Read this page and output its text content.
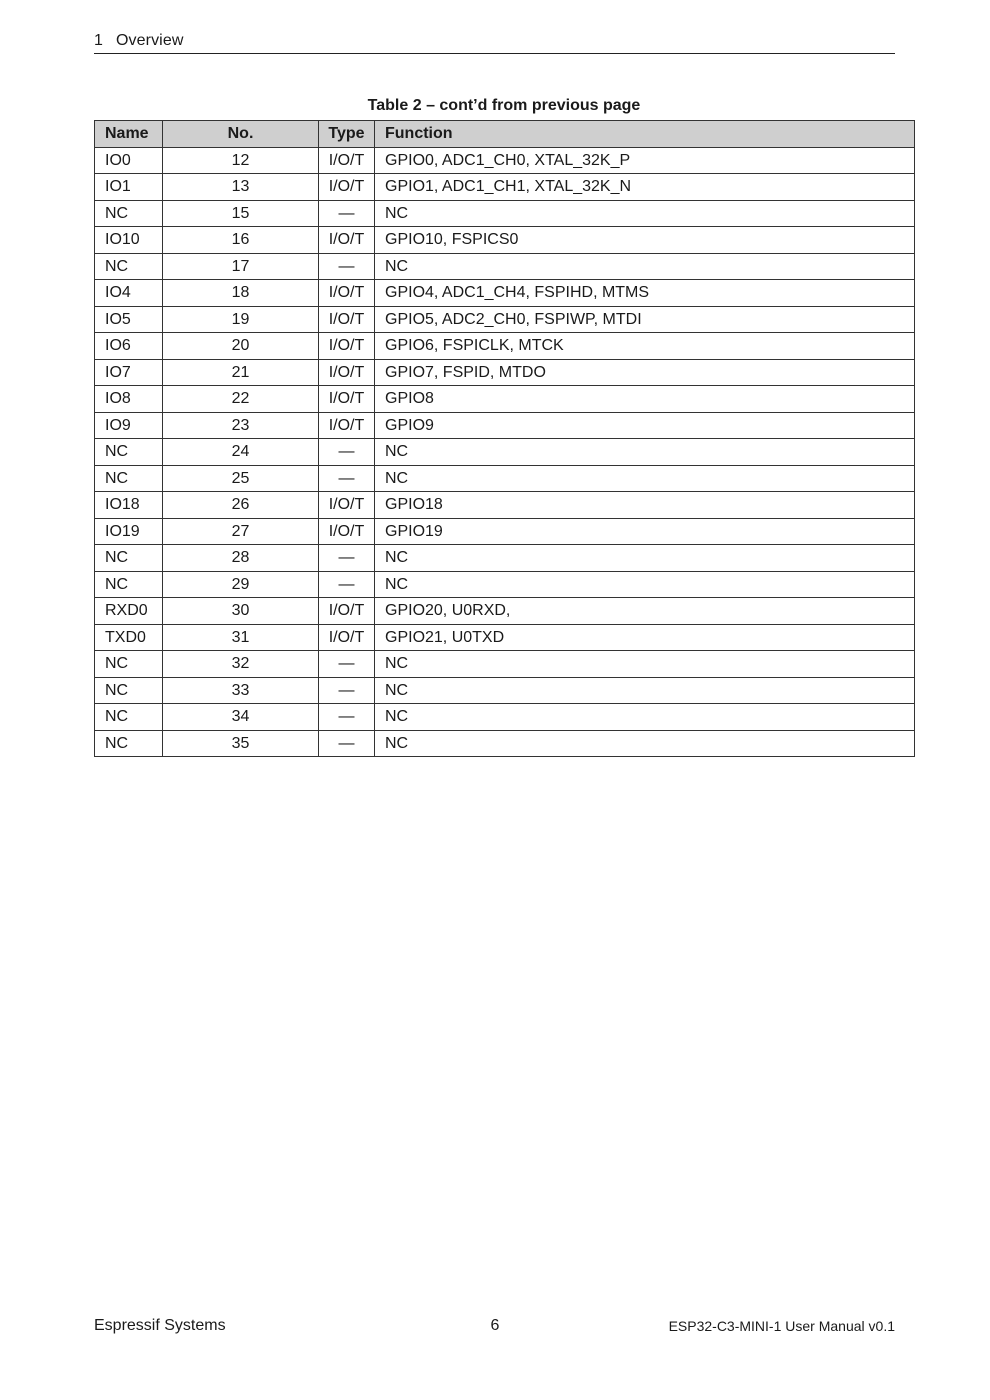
1 Overview
Table 2 – cont’d from previous page
Name	No.	Type	Function
IO0	12	I/O/T	GPIO0, ADC1_CH0, XTAL_32K_P
IO1	13	I/O/T	GPIO1, ADC1_CH1, XTAL_32K_N
NC	15	—	NC
IO10	16	I/O/T	GPIO10, FSPICS0
NC	17	—	NC
IO4	18	I/O/T	GPIO4, ADC1_CH4, FSPIHD, MTMS
IO5	19	I/O/T	GPIO5, ADC2_CH0, FSPIWP, MTDI
IO6	20	I/O/T	GPIO6, FSPICLK, MTCK
IO7	21	I/O/T	GPIO7, FSPID, MTDO
IO8	22	I/O/T	GPIO8
IO9	23	I/O/T	GPIO9
NC	24	—	NC
NC	25	—	NC
IO18	26	I/O/T	GPIO18
IO19	27	I/O/T	GPIO19
NC	28	—	NC
NC	29	—	NC
RXD0	30	I/O/T	GPIO20, U0RXD,
TXD0	31	I/O/T	GPIO21, U0TXD
NC	32	—	NC
NC	33	—	NC
NC	34	—	NC
NC	35	—	NC
Espressif Systems	6	ESP32-C3-MINI-1 User Manual v0.1
